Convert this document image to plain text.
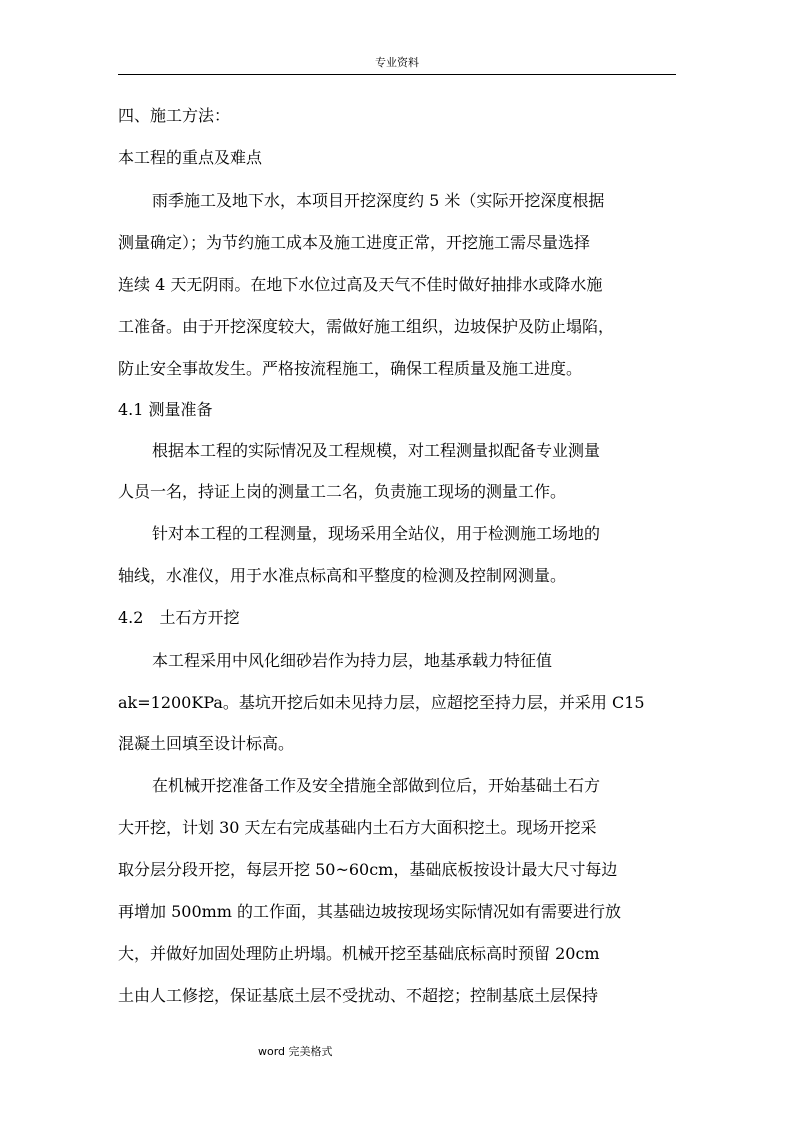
专业资料
四、施工方法：
本工程的重点及难点
雨季施工及地下水，本项目开挖深度约 5 米（实际开挖深度根据
测量确定）；为节约施工成本及施工进度正常，开挖施工需尽量选择
连续 4 天无阴雨。在地下水位过高及天气不佳时做好抽排水或降水施
工准备。由于开挖深度较大，需做好施工组织，边坡保护及防止塌陷，
防止安全事故发生。严格按流程施工，确保工程质量及施工进度。
4.1 测量准备
根据本工程的实际情况及工程规模，对工程测量拟配备专业测量
人员一名，持证上岗的测量工二名，负责施工现场的测量工作。
针对本工程的工程测量，现场采用全站仪，用于检测施工场地的
轴线，水准仪，用于水准点标高和平整度的检测及控制网测量。
4.2　土石方开挖
本工程采用中风化细砂岩作为持力层，地基承载力特征值
ak=1200KPa。基坑开挖后如未见持力层，应超挖至持力层，并采用 C15
混凝土回填至设计标高。
在机械开挖准备工作及安全措施全部做到位后，开始基础土石方
大开挖，计划 30 天左右完成基础内土石方大面积挖土。现场开挖采
取分层分段开挖，每层开挖 50~60cm，基础底板按设计最大尺寸每边
再增加 500mm 的工作面，其基础边坡按现场实际情况如有需要进行放
大，并做好加固处理防止坍塌。机械开挖至基础底标高时预留 20cm
土由人工修挖，保证基底土层不受扰动、不超挖；控制基底土层保持
word 完美格式
